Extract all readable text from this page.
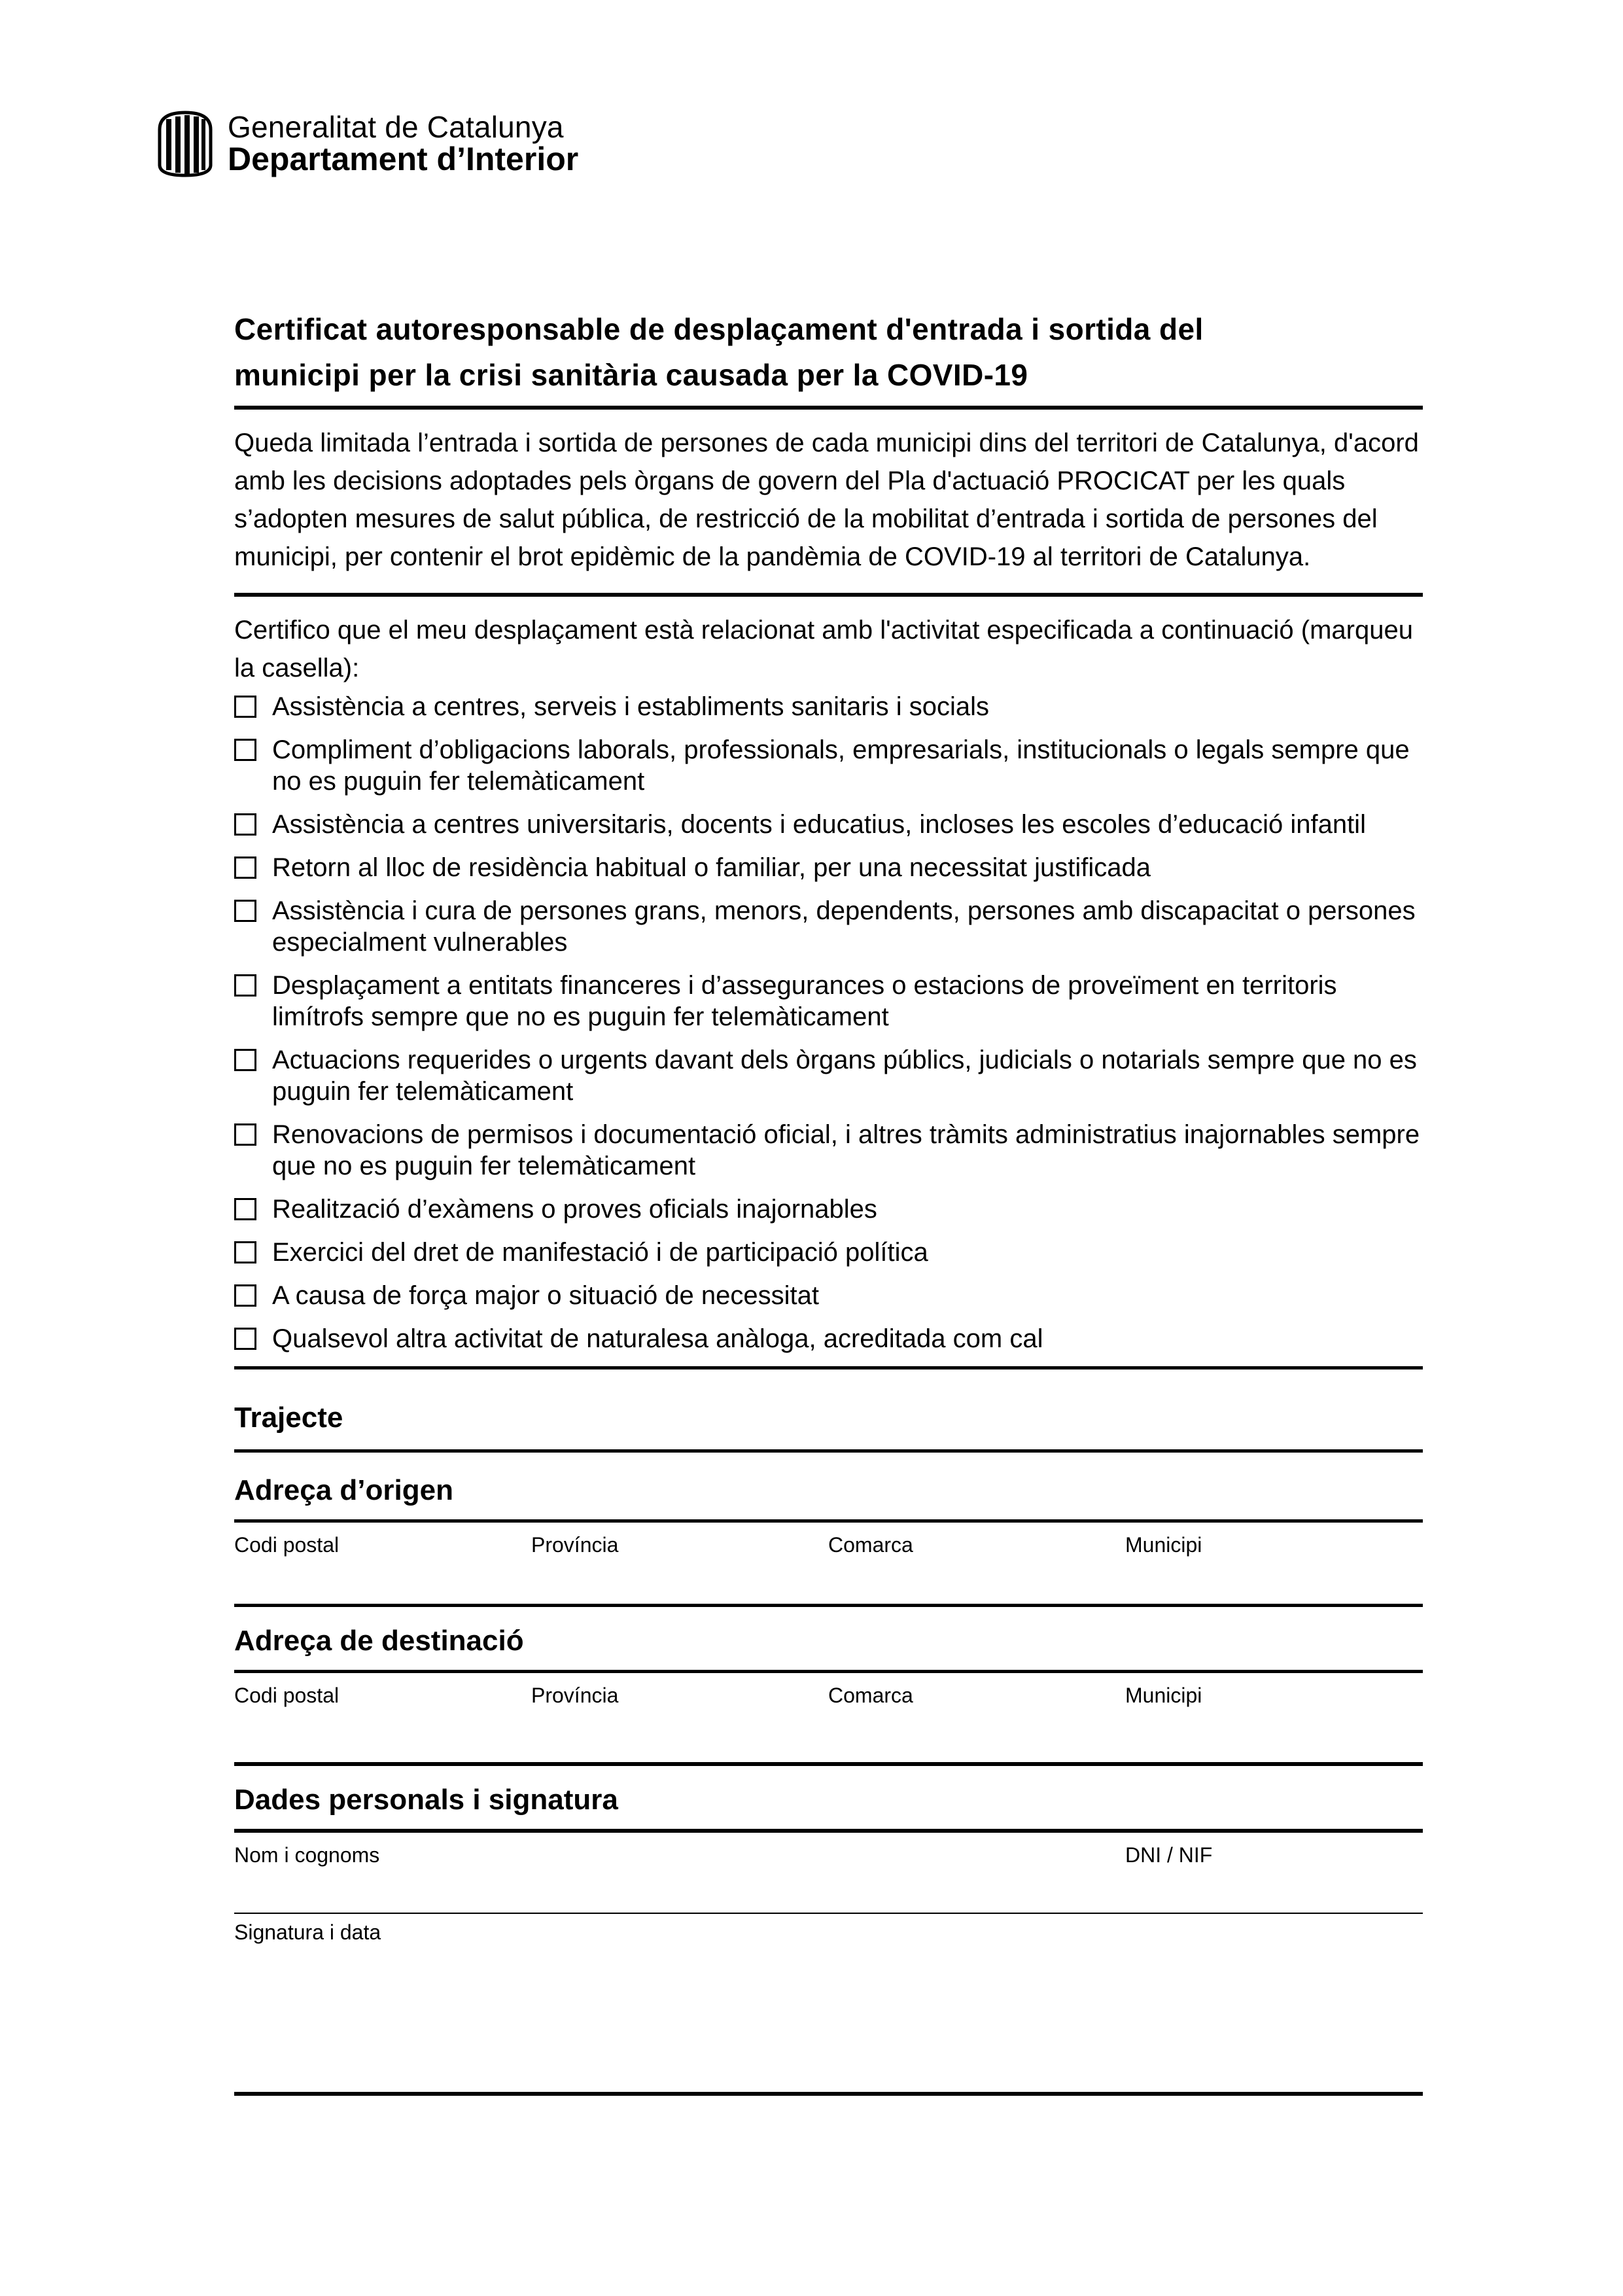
Generalitat de Catalunya
Departament d’Interior
Certificat autoresponsable de desplaçament d'entrada i sortida del
municipi per la crisi sanitària causada per la COVID-19

Queda limitada l’entrada i sortida de persones de cada municipi dins del territori de Catalunya, d'acord amb les decisions adoptades pels òrgans de govern del Pla d'actuació PROCICAT per les quals s’adopten mesures de salut pública, de restricció de la mobilitat d’entrada i sortida de persones del municipi, per contenir el brot epidèmic de la pandèmia de COVID-19 al territori de Catalunya.

Certifico que el meu desplaçament està relacionat amb l'activitat especificada a continuació (marqueu la casella):

Assistència a centres, serveis i establiments sanitaris i socials
Compliment d’obligacions laborals, professionals, empresarials, institucionals o legals sempre que no es puguin fer telemàticament
Assistència a centres universitaris, docents i educatius, incloses les escoles d’educació infantil
Retorn al lloc de residència habitual o familiar, per una necessitat justificada
Assistència i cura de persones grans, menors, dependents, persones amb discapacitat o persones especialment vulnerables
Desplaçament a entitats financeres i d’assegurances o estacions de proveïment en territoris limítrofs sempre que no es puguin fer telemàticament
Actuacions requerides o urgents davant dels òrgans públics, judicials o notarials sempre que no es puguin fer telemàticament
Renovacions de permisos i documentació oficial, i altres tràmits administratius inajornables sempre que no es puguin fer telemàticament
Realització d’exàmens o proves oficials inajornables
Exercici del dret de manifestació i de participació política
A causa de força major o situació de necessitat
Qualsevol altra activitat de naturalesa anàloga, acreditada com cal
Trajecte
Adreça d’origen
Codi postal	Província	Comarca	Municipi
Adreça de destinació
Codi postal	Província	Comarca	Municipi
Dades personals i signatura
Nom i cognoms	DNI / NIF
Signatura i data
